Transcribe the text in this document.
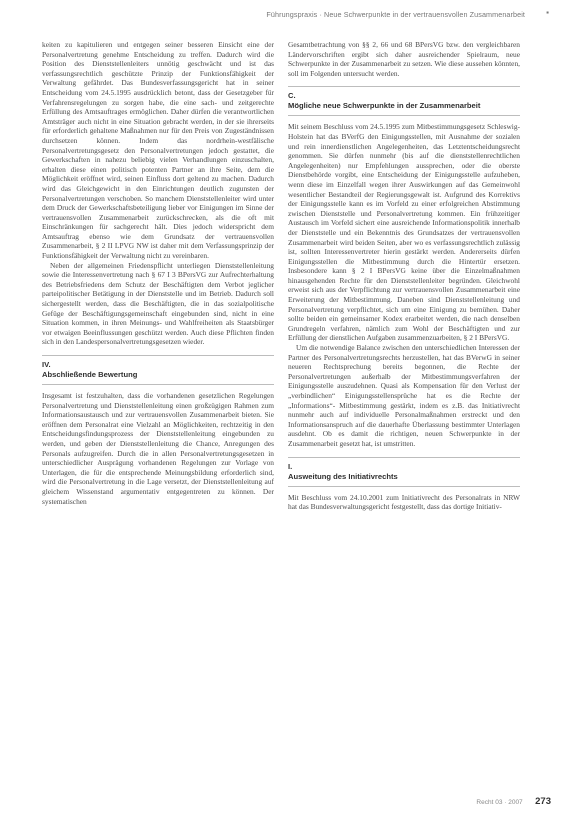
Führungspraxis · Neue Schwerpunkte in der vertrauensvollen Zusammenarbeit	▪

keiten zu kapitulieren und entgegen seiner besseren Einsicht eine der Personalvertretung genehme Entscheidung zu treffen. Dadurch wird die Position des Dienststellenleiters unnötig geschwächt und ist das verfassungsrechtlich geschützte Prinzip der Funktionsfähigkeit der Verwaltung gefährdet. Das Bundesverfassungsgericht hat in seiner Entscheidung vom 24.5.1995 ausdrücklich betont, dass der Gesetzgeber für Verfahrensregelungen zu sorgen habe, die eine sach- und zeitgerechte Erfüllung des Amtsauftrages ermöglichen. Daher dürfen die verantwortlichen Amtsträger auch nicht in eine Situation gebracht werden, in der sie ihrerseits für erforderlich gehaltene Maßnahmen nur für den Preis von Zugeständnissen durchsetzen können. Indem das nordrhein-westfälische Personalvertretungsgesetz den Personalvertretungen jedoch gestattet, die Gewerkschaften in nahezu beliebig vielen Verhandlungen einzuschalten, erhalten diese einen politisch potenten Partner an ihre Seite, dem die Möglichkeit eröffnet wird, seinen Einfluss dort geltend zu machen. Dadurch wird das Gleichgewicht in den Einrichtungen deutlich zugunsten der Personalvertretungen verschoben. So manchem Dienststellenleiter wird unter dem Druck der Gewerkschaftsbeteiligung lieber vor Einigungen im Sinne der vertrauensvollen Zusammenarbeit zurückschrecken, als die oft mit Einschränkungen für sachgerecht hält. Dies jedoch widerspricht dem Amtsauftrag ebenso wie dem Grundsatz der vertrauensvollen Zusammenarbeit, § 2 II LPVG NW ist daher mit dem Verfassungsprinzip der Funktionsfähigkeit der Verwaltung nicht zu vereinbaren.

Neben der allgemeinen Friedenspflicht unterliegen Dienststellenleitung sowie die Interessenvertretung nach § 67 I 3 BPersVG zur Aufrechterhaltung des Betriebsfriedens dem Schutz der Beschäftigten dem Verbot jeglicher parteipolitischer Betätigung in der Dienststelle und im Betrieb. Dadurch soll sichergestellt werden, dass die Beschäftigten, die in das sozialpolitische Gefüge der Beschäftigungsgemeinschaft eingebunden sind, nicht in eine Situation kommen, in ihren Meinungs- und Wahlfreiheiten als Staatsbürger vor etwaigen Beeinflussungen geschützt werden. Auch diese Pflichten finden sich in den Landespersonalvertretungsgesetzen wieder.

IV.
Abschließende Bewertung

Insgesamt ist festzuhalten, dass die vorhandenen gesetzlichen Regelungen Personalvertretung und Dienststellenleitung einen großzügigen Rahmen zum Informationsaustausch und zur vertrauensvollen Zusammenarbeit bieten. Sie eröffnen dem Personalrat eine Vielzahl an Möglichkeiten, rechtzeitig in den Entscheidungsfindungsprozess der Dienststellenleitung eingebunden zu werden, und geben der Dienststellenleitung die Chance, Anregungen des Personals aufzugreifen. Durch die in allen Personalvertretungsgesetzen in unterschiedlicher Ausprägung vorhandenen Regelungen zur Vorlage von Unterlagen, die für die entsprechende Meinungsbildung erforderlich sind, wird die Personalvertretung in die Lage versetzt, der Dienststellenleitung auf gleichem Wissenstand argumentativ entgegentreten zu können. Der systematischen

Gesamtbetrachtung von §§ 2, 66 und 68 BPersVG bzw. den vergleichbaren Ländervorschriften ergibt sich daher ausreichender Spielraum, neue Schwerpunkte in der Zusammenarbeit zu setzen. Wie diese aussehen könnten, soll im Folgenden untersucht werden.

C.
Mögliche neue Schwerpunkte in der Zusammenarbeit

Mit seinem Beschluss vom 24.5.1995 zum Mitbestimmungsgesetz Schleswig-Holstein hat das BVerfG den Einigungsstellen, mit Ausnahme der sozialen und rein innerdienstlichen Angelegenheiten, das Letztentscheidungsrecht genommen. Sie dürfen nunmehr (bis auf die dienststellenrechtlichen Angelegenheiten) nur Empfehlungen aussprechen, oder die oberste Dienstbehörde vorgibt, eine Entscheidung der Einigungsstelle aufzuheben, wenn diese im Einzelfall wegen ihrer Auswirkungen auf das Gemeinwohl wesentlicher Bestandteil der Regierungsgewalt ist. Aufgrund des Korrektivs der Einigungsstelle kann es im Vorfeld zu einer erfolgreichen Abstimmung zwischen Dienststelle und Personalvertretung kommen. Ein frühzeitiger Austausch im Vorfeld sichert eine ausreichende Informationspolitik innerhalb der Dienststelle und ein Bekenntnis des Grundsatzes der vertrauensvollen Zusammenarbeit wird beiden Seiten, aber wo es verfassungsrechtlich zulässig ist, sollten Interessenvertreter hierin gestärkt werden. Andererseits dürfen Einigungsstellen die Mitbestimmung durch die Hintertür ersetzen. Insbesondere kann § 2 I BPersVG keine über die Einzelmaßnahmen hinausgehenden Rechte für den Dienststellenleiter begründen. Gleichwohl erweist sich aus der Verpflichtung zur vertrauensvollen Zusammenarbeit eine Erweiterung der Mitbestimmung. Daneben sind Dienststellenleitung und Personalvertretung verpflichtet, sich um eine Einigung zu bemühen. Daher sollte beiden ein gemeinsamer Kodex erarbeitet werden, die nach denselben Grundregeln verfahren, nämlich zum Wohl der Beschäftigten und zur Erfüllung der dienstlichen Aufgaben zusammenzuarbeiten, § 2 I BPersVG.

Um die notwendige Balance zwischen den unterschiedlichen Interessen der Partner des Personalvertretungsrechts herzustellen, hat das BVerwG in seiner neueren Rechtsprechung bereits begonnen, die Rechte der Personalvertretungen außerhalb der Mitbestimmungsverfahren der Einigungsstelle auszudehnen. Quasi als Kompensation für den Verlust der „verbindlichen“ Einigungsstellensprüche hat es die Rechte der „Informations“- Mitbestimmung gestärkt, indem es z.B. das Initiativrecht nunmehr auch auf individuelle Personalmaßnahmen erstreckt und den Informationsanspruch auf die dauerhafte Überlassung bestimmter Unterlagen ausdehnt. Ob es damit die richtigen, neuen Schwerpunkte in der Zusammenarbeit gesetzt hat, ist umstritten.

I.
Ausweitung des Initiativrechts

Mit Beschluss vom 24.10.2001 zum Initiativrecht des Personalrats in NRW hat das Bundesverwaltungsgericht festgestellt, dass das dortige Initiativ-

Recht 03 · 2007 273
